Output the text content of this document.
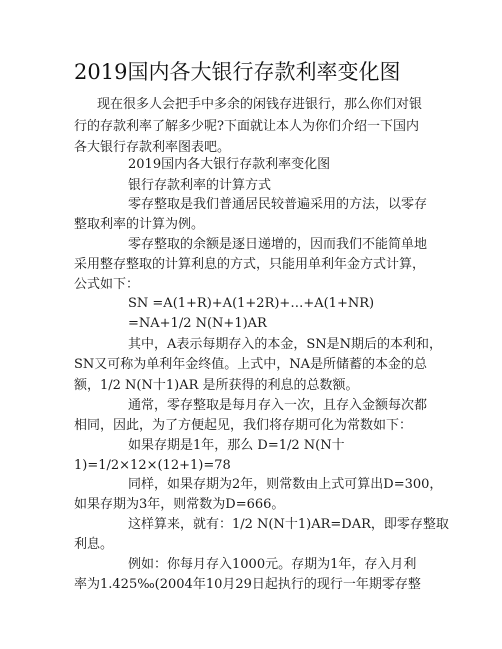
2019国内各大银行存款利率变化图
现在很多人会把手中多余的闲钱存进银行，那么你们对银
行的存款利率了解多少呢?下面就让本人为你们介绍一下国内
各大银行存款利率图表吧。
2019国内各大银行存款利率变化图
银行存款利率的计算方式
零存整取是我们普通居民较普遍采用的方法，以零存
整取利率的计算为例。
零存整取的余额是逐日递增的，因而我们不能简单地
采用整存整取的计算利息的方式，只能用单利年金方式计算，
公式如下：
SN =A(1+R)+A(1+2R)+…+A(1+NR)
=NA+1/2 N(N+1)AR
其中，A表示每期存入的本金，SN是N期后的本利和，
SN又可称为单利年金终值。上式中，NA是所储蓄的本金的总
额，1/2 N(N十1)AR 是所获得的利息的总数额。
通常，零存整取是每月存入一次，且存入金额每次都
相同，因此，为了方便起见，我们将存期可化为常数如下：
如果存期是1年，那么 D=1/2 N(N十
1)=1/2×12×(12+1)=78
同样，如果存期为2年，则常数由上式可算出D=300，
如果存期为3年，则常数为D=666。
这样算来，就有：1/2 N(N十1)AR=DAR，即零存整取
利息。
例如：你每月存入1000元。存期为1年，存入月利
率为1.425‰(2004年10月29日起执行的现行一年期零存整
